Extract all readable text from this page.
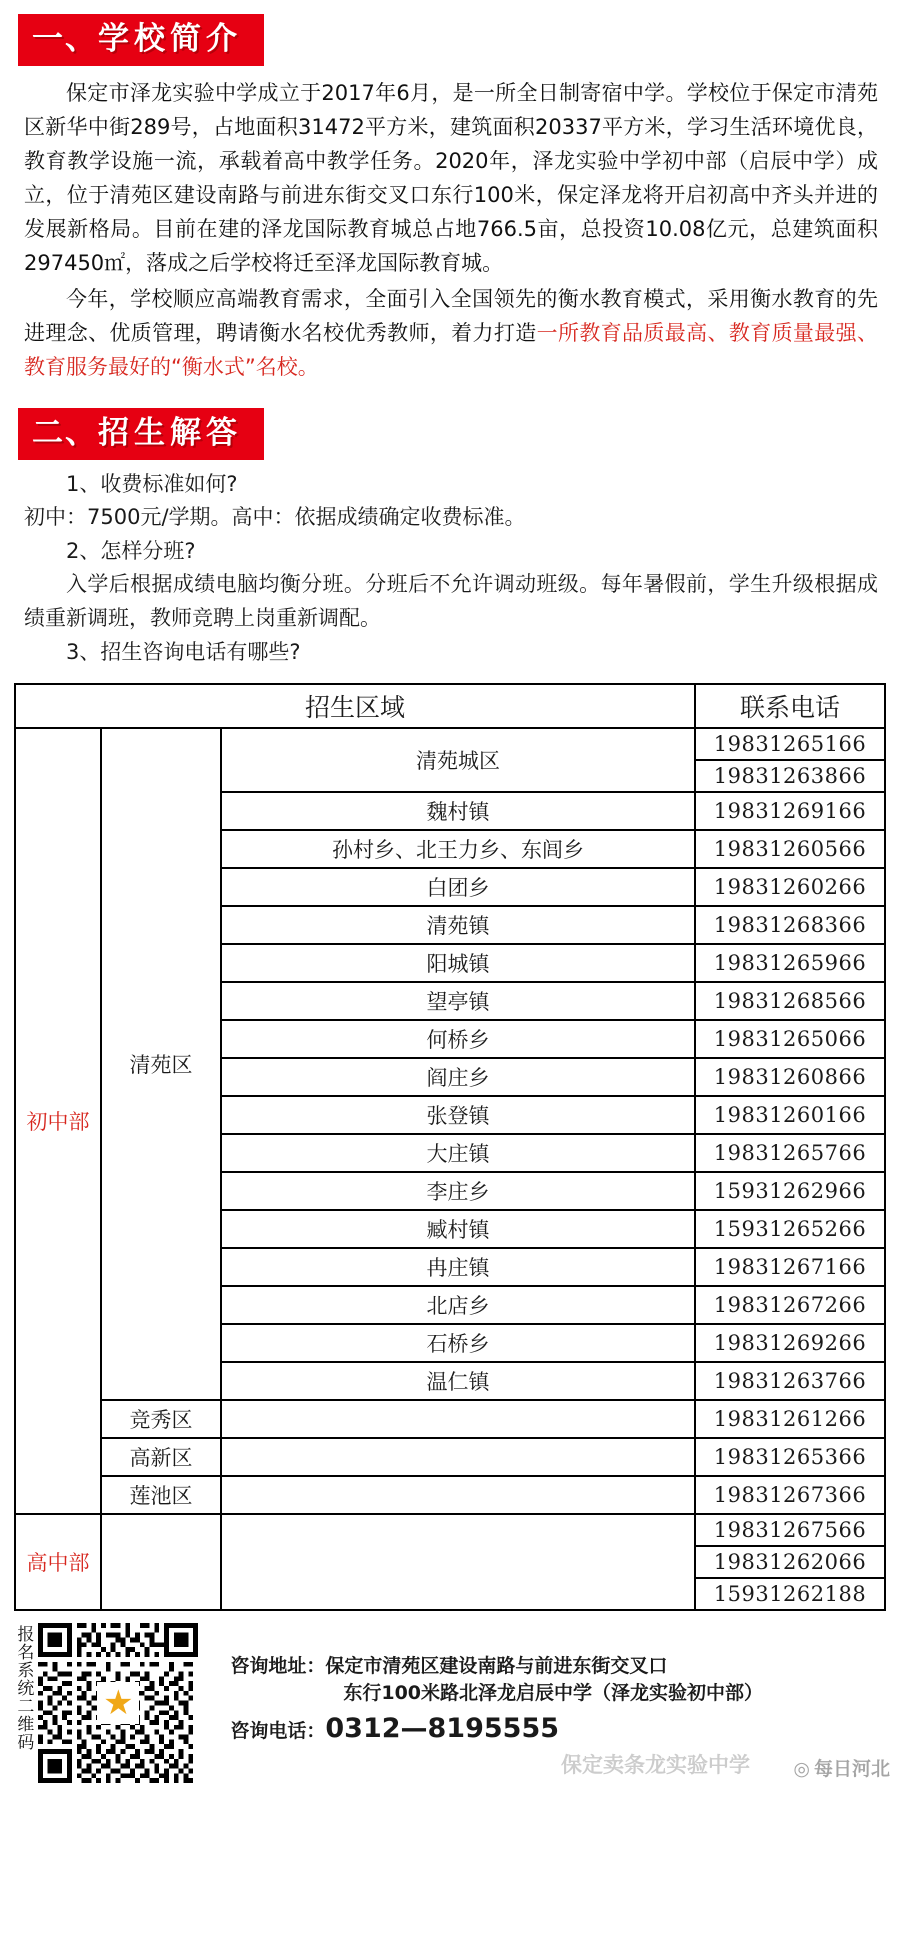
一、学校简介

保定市泽龙实验中学成立于2017年6月，是一所全日制寄宿中学。学校位于保定市清苑区新华中街289号，占地面积31472平方米，建筑面积20337平方米，学习生活环境优良，教育教学设施一流，承载着高中教学任务。2020年，泽龙实验中学初中部（启辰中学）成立，位于清苑区建设南路与前进东街交叉口东行100米，保定泽龙将开启初高中齐头并进的发展新格局。目前在建的泽龙国际教育城总占地766.5亩，总投资10.08亿元，总建筑面积297450㎡，落成之后学校将迁至泽龙国际教育城。

今年，学校顺应高端教育需求，全面引入全国领先的衡水教育模式，采用衡水教育的先进理念、优质管理，聘请衡水名校优秀教师，着力打造一所教育品质最高、教育质量最强、教育服务最好的“衡水式”名校。

二、招生解答

1、收费标准如何?

初中：7500元/学期。高中：依据成绩确定收费标准。

2、怎样分班?

入学后根据成绩电脑均衡分班。分班后不允许调动班级。每年暑假前，学生升级根据成绩重新调班，教师竞聘上岗重新调配。

3、招生咨询电话有哪些?

招生区域			联系电话
初中部	清苑区	清苑城区	19831265166
			19831263866
		魏村镇	19831269166
		孙村乡、北王力乡、东闾乡	19831260566
		白团乡	19831260266
		清苑镇	19831268366
		阳城镇	19831265966
		望亭镇	19831268566
		何桥乡	19831265066
		阎庄乡	19831260866
		张登镇	19831260166
		大庄镇	19831265766
		李庄乡	15931262966
		臧村镇	15931265266
		冉庄镇	19831267166
		北店乡	19831267266
		石桥乡	19831269266
		温仁镇	19831263766
	竞秀区		19831261266
	高新区		19831265366
	莲池区		19831267366
高中部			19831267566
			19831262066
			15931262188
报名系统二维码 ★
咨询地址： 保定市清苑区建设南路与前进东街交叉口
东行100米路北泽龙启辰中学（泽龙实验初中部）
咨询电话： 0312—8195555
保定卖条龙实验中学 ◎ 每日河北
